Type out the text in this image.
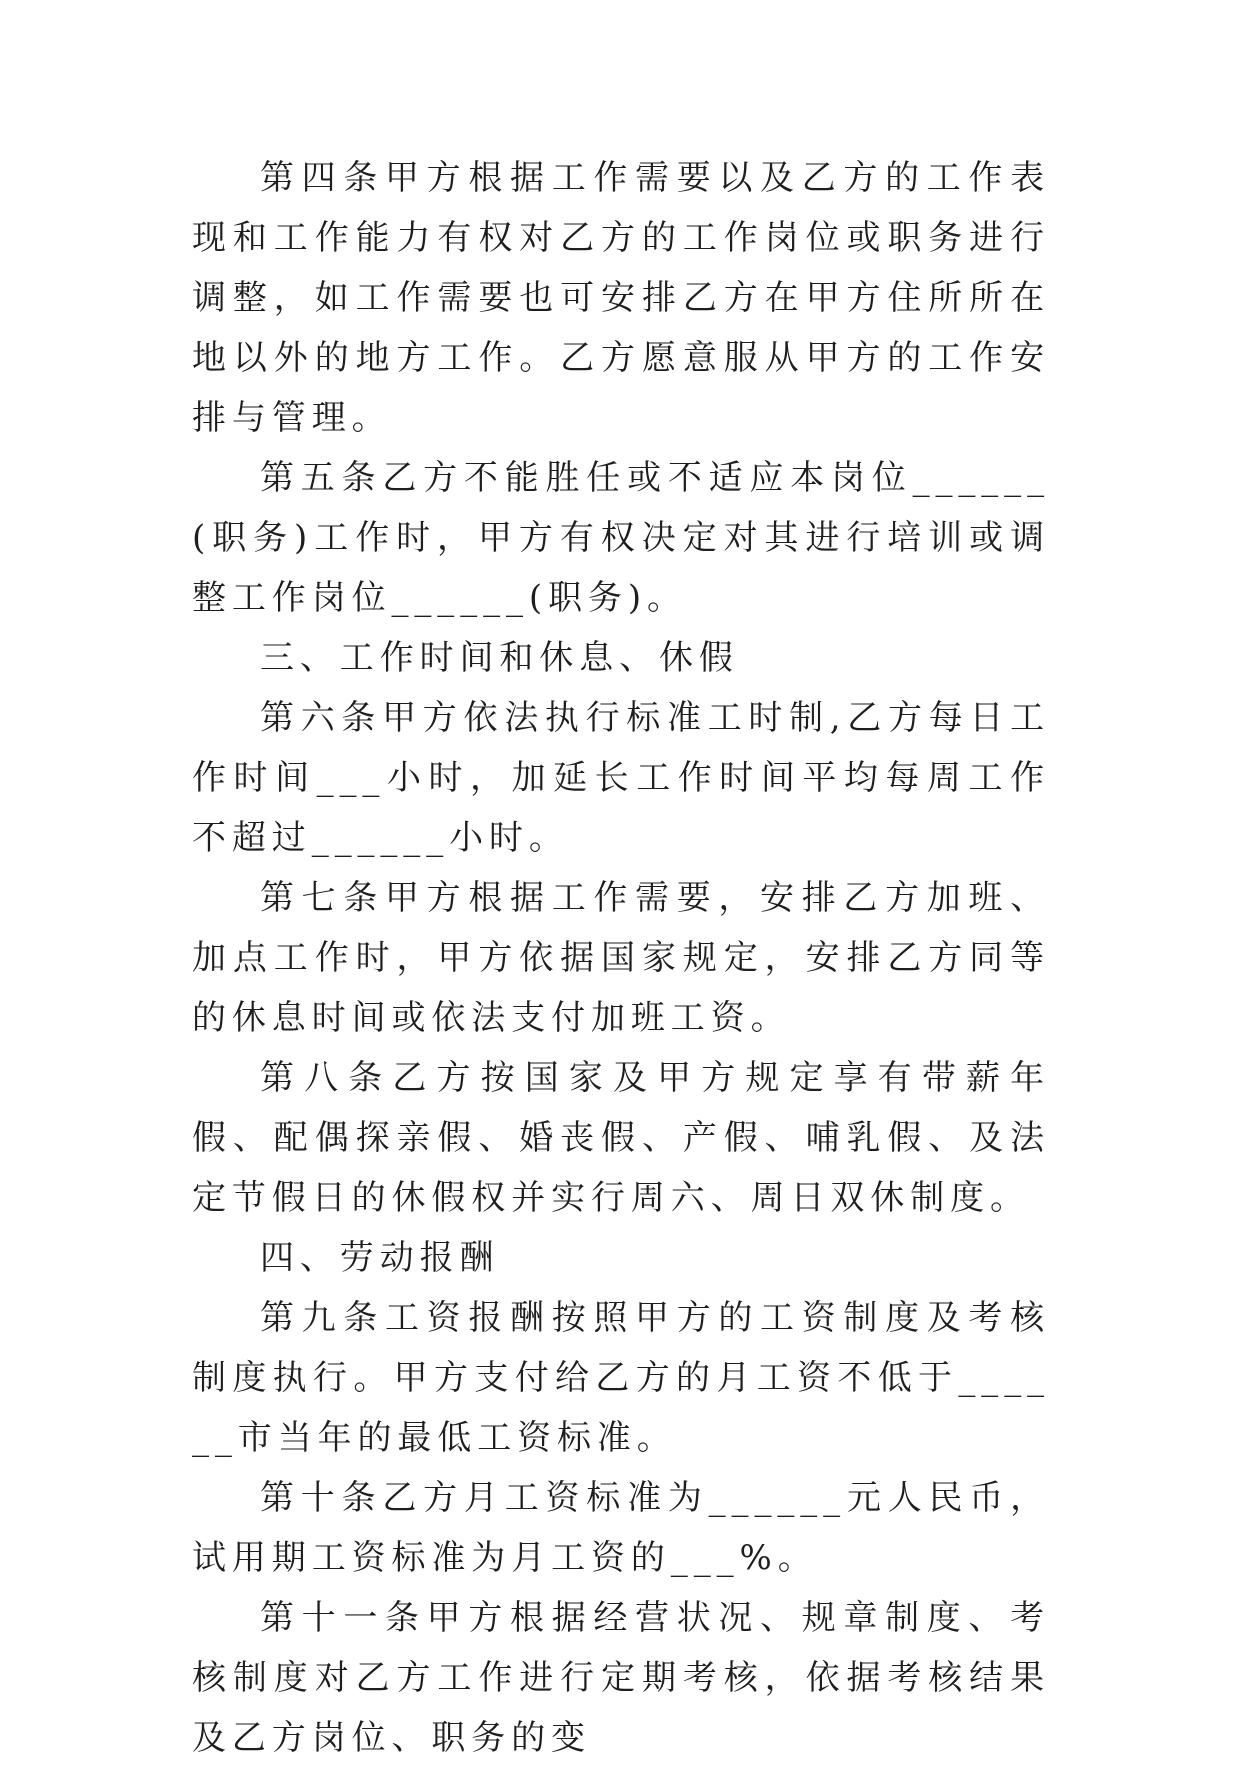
第四条甲方根据工作需要以及乙方的工作表现和工作能力有权对乙方的工作岗位或职务进行调整，如工作需要也可安排乙方在甲方住所所在地以外的地方工作。乙方愿意服从甲方的工作安排与管理。

第五条乙方不能胜任或不适应本岗位______(职务)工作时，甲方有权决定对其进行培训或调整工作岗位______(职务)。

三、工作时间和休息、休假

第六条甲方依法执行标准工时制,乙方每日工作时间___小时，加延长工作时间平均每周工作不超过______小时。

第七条甲方根据工作需要，安排乙方加班、加点工作时，甲方依据国家规定，安排乙方同等的休息时间或依法支付加班工资。

第八条乙方按国家及甲方规定享有带薪年假、配偶探亲假、婚丧假、产假、哺乳假、及法定节假日的休假权并实行周六、周日双休制度。

四、劳动报酬

第九条工资报酬按照甲方的工资制度及考核制度执行。甲方支付给乙方的月工资不低于______市当年的最低工资标准。

第十条乙方月工资标准为______元人民币，试用期工资标准为月工资的___%。

第十一条甲方根据经营状况、规章制度、考核制度对乙方工作进行定期考核，依据考核结果及乙方岗位、职务的变
